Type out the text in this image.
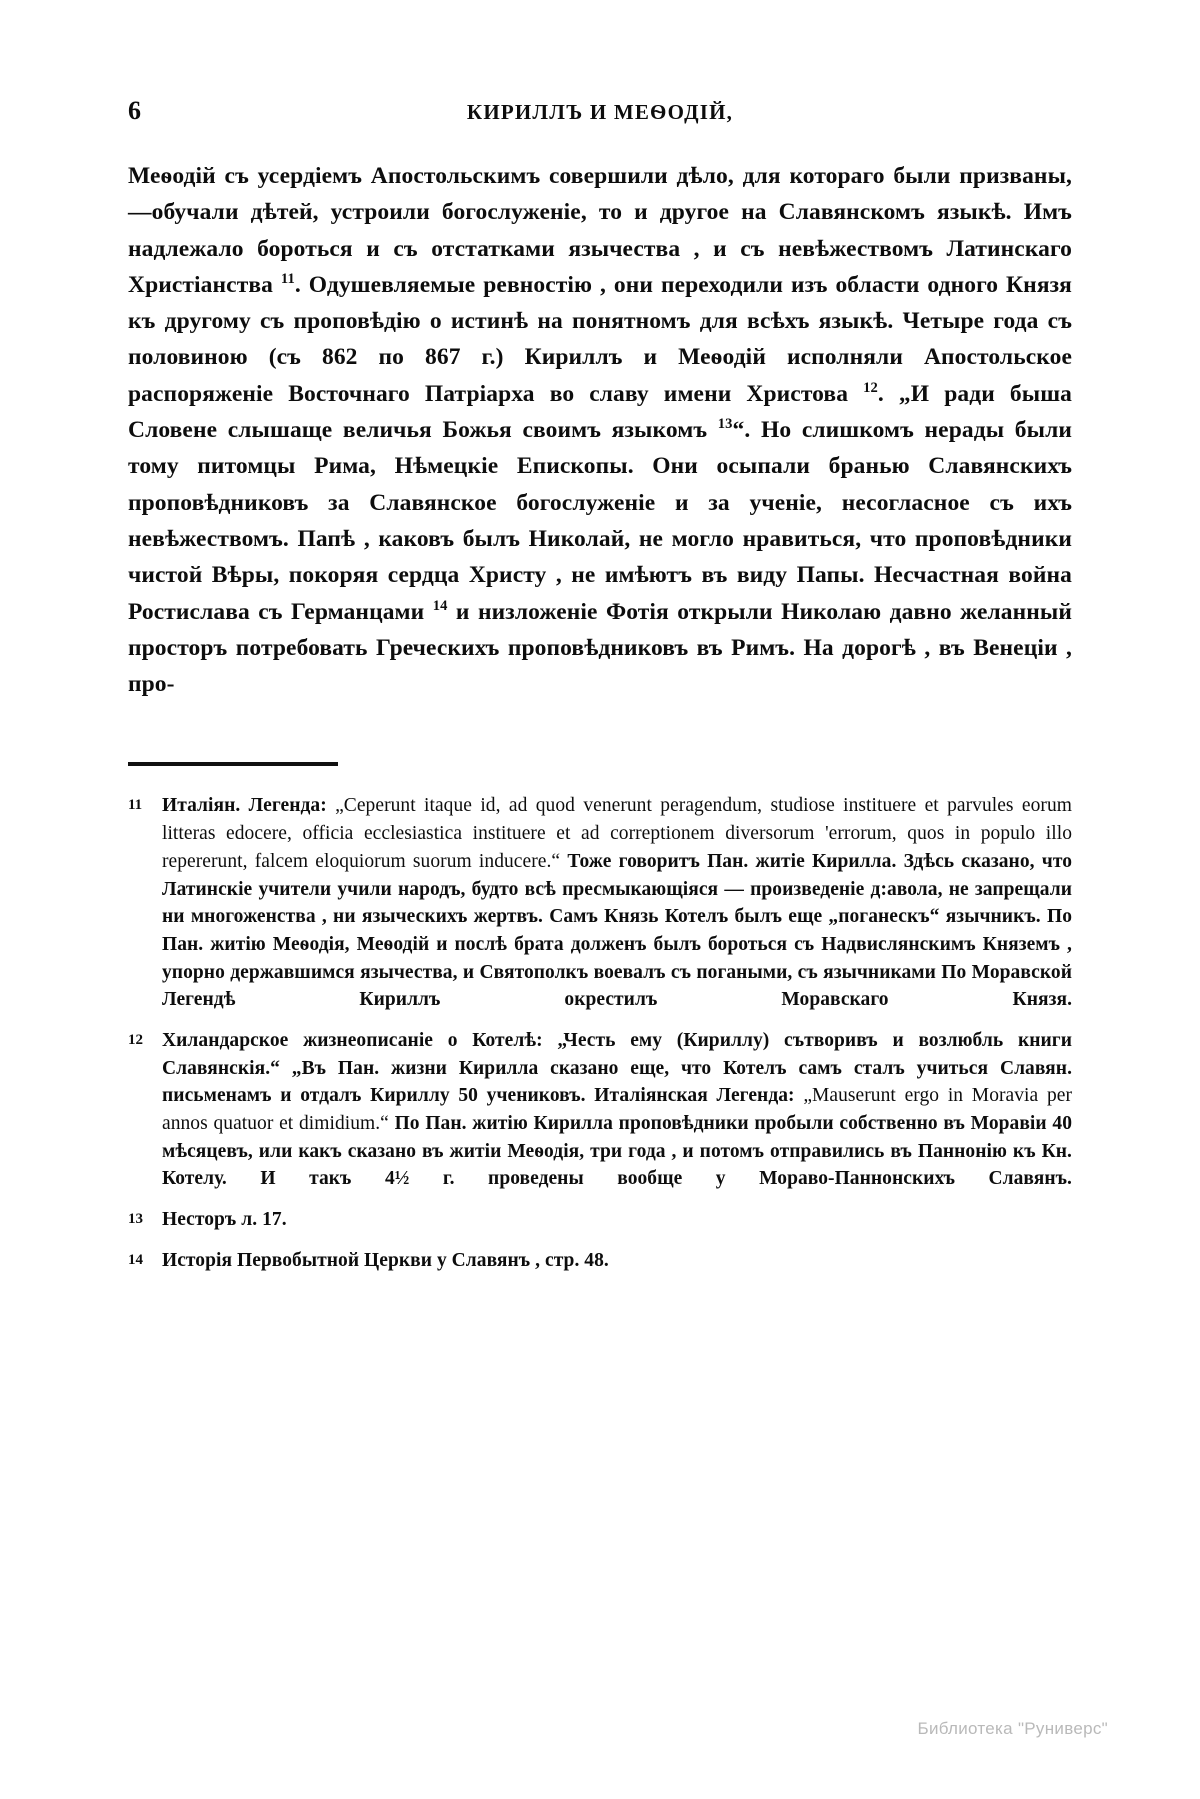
6	КИРИЛЛЪ И МЕѲОДІЙ,

Меѳодій съ усердіемъ Апостольскимъ совершили дѣло, для котораго были призваны,—обучали дѣтей, устроили богослуженіе, то и другое на Славянскомъ языкѣ. Имъ надлежало бороться и съ отстатками язычества , и съ невѣжествомъ Латинскаго Христіанства $^{11}$. Одушевляемые ревностію , они переходили изъ области одного Князя къ другому съ проповѣдію о истинѣ на понятномъ для всѣхъ языкѣ. Четыре года съ половиною (съ 862 по 867 г.) Кириллъ и Меѳодій исполняли Апостольское распоряженіе Восточнаго Патріарха во славу имени Христова $^{12}$. „И ради быша Словене слышаще величья Божья своимъ языкомъ $^{13}$“. Но слишкомъ нерады были тому питомцы Рима, Нѣмецкіе Епископы. Они осыпали бранью Славянскихъ проповѣдниковъ за Славянское богослуженіе и за ученіе, несогласное съ ихъ невѣжествомъ. Папѣ , каковъ былъ Николай, не могло нравиться, что проповѣдники чистой Вѣры, покоряя сердца Христу , не имѣютъ въ виду Папы. Несчастная война Ростислава съ Германцами $^{14}$ и низложеніе Фотія открыли Николаю давно желанный просторъ потребовать Греческихъ проповѣдниковъ въ Римъ. На дорогѣ , въ Венеціи , про-

11	Италіян. Легенда: „Ceperunt itaque id, ad quod venerunt peragendum, studiose instituere et parvules eorum litteras edocere, officia ecclesiastica instituere et ad correptionem diversorum 'errorum, quos in populo illo repererunt, falcem eloquiorum suorum inducere.“ Тоже говоритъ Пан. житіе Кирилла. Здѣсь сказано, что Латинскіе учители учили народъ, будто всѣ пресмыкающіяся — произведеніе д:авола, не запрещали ни многоженства , ни языческихъ жертвъ. Самъ Князь Котелъ былъ еще „поганескъ“ язычникъ. По Пан. житію Меѳодія, Меѳодій и послѣ брата долженъ былъ бороться съ Надвислянскимъ Княземъ , упорно державшимся язычества, и Святополкъ воевалъ съ погаными, съ язычниками По Моравской Легендѣ Кириллъ окрестилъ Моравскаго Князя.
12 Хиландарское жизнеописаніе о Котелѣ: „Честь ему (Кириллу) сътворивъ и возлюбль книги Славянскія.“ „Въ Пан. жизни Кирилла сказано еще, что Котелъ самъ сталъ учиться Славян. письменамъ и отдалъ Кириллу 50 учениковъ. Италіянская Легенда: „Mauserunt ergo in Moravia per annos quatuor et dimidium.“ По Пан. житію Кирилла проповѣдники пробыли собственно въ Моравіи 40 мѣсяцевъ, или какъ сказано въ житіи Меѳодія, три года , и потомъ отправились въ Паннонію къ Кн. Котелу. И такъ 4½ г. проведены вообще у Мораво-Паннонскихъ Славянъ.
13 Несторъ л. 17.
14 Исторія Первобытной Церкви у Славянъ , стр. 48.
Библиотека "Руниверс"
